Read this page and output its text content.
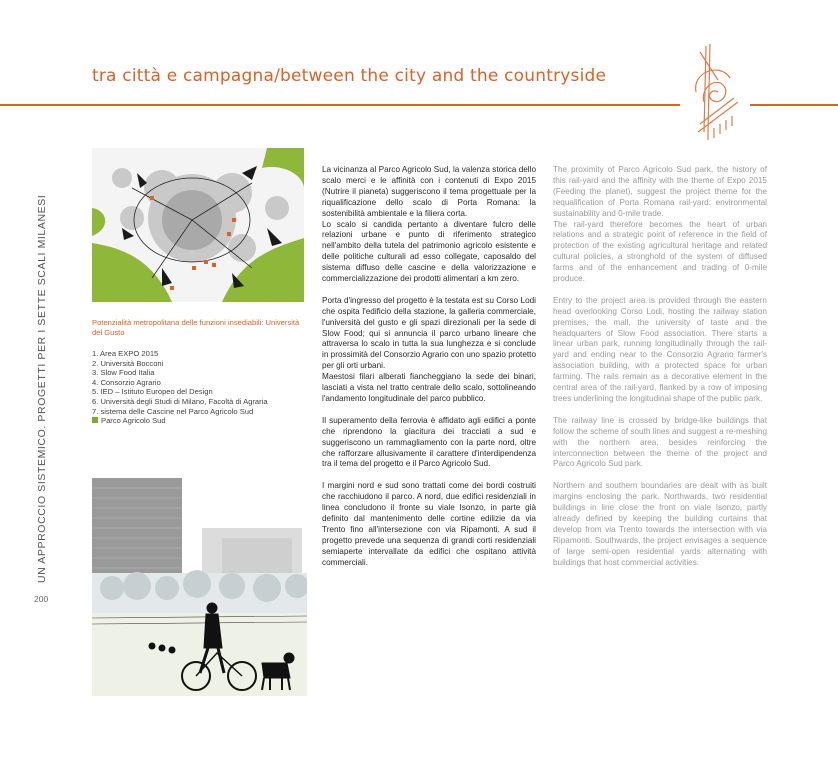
tra città e campagna/between the city and the countryside
UN APPROCCIO SISTEMICO. PROGETTI PER I SETTE SCALI MILANESI
200
Potenzialità metropolitana delle funzioni insediabili: Università del Gusto
1. Area EXPO 2015
2. Università Bocconi
3. Slow Food Italia
4. Consorzio Agrario
5. IED – Istituto Europeo del Design
6. Università degli Studi di Milano, Facoltà di Agraria
7. sistema delle Cascine nel Parco Agricolo Sud
Parco Agricolo Sud

La vicinanza al Parco Agricolo Sud, la valenza storica dello scalo merci e le affinità con i contenuti di Expo 2015 (Nutrire il pianeta) suggeriscono il tema progettuale per la riqualificazione dello scalo di Porta Romana: la sostenibilità ambientale e la filiera corta.

Lo scalo si candida pertanto a diventare fulcro delle relazioni urbane e punto di riferimento strategico nell'ambito della tutela del patrimonio agricolo esistente e delle politiche culturali ad esso collegate, caposaldo del sistema diffuso delle cascine e della valorizzazione e commercializzazione dei prodotti alimentari a km zero.

Porta d'ingresso del progetto è la testata est su Corso Lodi che ospita l'edificio della stazione, la galleria commerciale, l'università del gusto e gli spazi direzionali per la sede di Slow Food; qui si annuncia il parco urbano lineare che attraversa lo scalo in tutta la sua lunghezza e si conclude in prossimità del Consorzio Agrario con uno spazio protetto per gli orti urbani.

Maestosi filari alberati fiancheggiano la sede dei binari, lasciati a vista nel tratto centrale dello scalo, sottolineando l'andamento longitudinale del parco pubblico.

Il superamento della ferrovia è affidato agli edifici a ponte che riprendono la giacitura dei tracciati a sud e suggeriscono un rammagliamento con la parte nord, oltre che rafforzare allusivamente il carattere d'interdipendenza tra il tema del progetto e il Parco Agricolo Sud.

I margini nord e sud sono trattati come dei bordi costruiti che racchiudono il parco. A nord, due edifici residenziali in linea concludono il fronte su viale Isonzo, in parte già definito dal mantenimento delle cortine edilizie da via Trento fino all'intersezione con via Ripamonti. A sud il progetto prevede una sequenza di grandi corti residenziali semiaperte intervallate da edifici che ospitano attività commerciali.

The proximity of Parco Agricolo Sud park, the history of this rail-yard and the affinity with the theme of Expo 2015 (Feeding the planet), suggest the project theme for the requalification of Porta Romana rail-yard: environmental sustainability and 0-mile trade.

The rail-yard therefore becomes the heart of urban relations and a strategic point of reference in the field of protection of the existing agricultural heritage and related cultural policies, a stronghold of the system of diffused farms and of the enhancement and trading of 0-mile produce.

Entry to the project area is provided through the eastern head overlooking Corso Lodi, hosting the railway station premises, the mall, the university of taste and the headquarters of Slow Food association. There starts a linear urban park, running longitudinally through the rail-yard and ending near to the Consorzio Agrario farmer's association building, with a protected space for urban farming. The rails remain as a decorative element in the central area of the rail-yard, flanked by a row of imposing trees underlining the longitudinal shape of the public park.

The railway line is crossed by bridge-like buildings that follow the scheme of south lines and suggest a re-meshing with the northern area, besides reinforcing the interconnection between the theme of the project and Parco Agricolo Sud park.

Northern and southern boundaries are dealt with as built margins enclosing the park. Northwards, two residential buildings in line close the front on viale Isonzo, partly already defined by keeping the building curtains that develop from via Trento towards the intersection with via Ripamonti. Southwards, the project envisages a sequence of large semi-open residential yards alternating with buildings that host commercial activities.
